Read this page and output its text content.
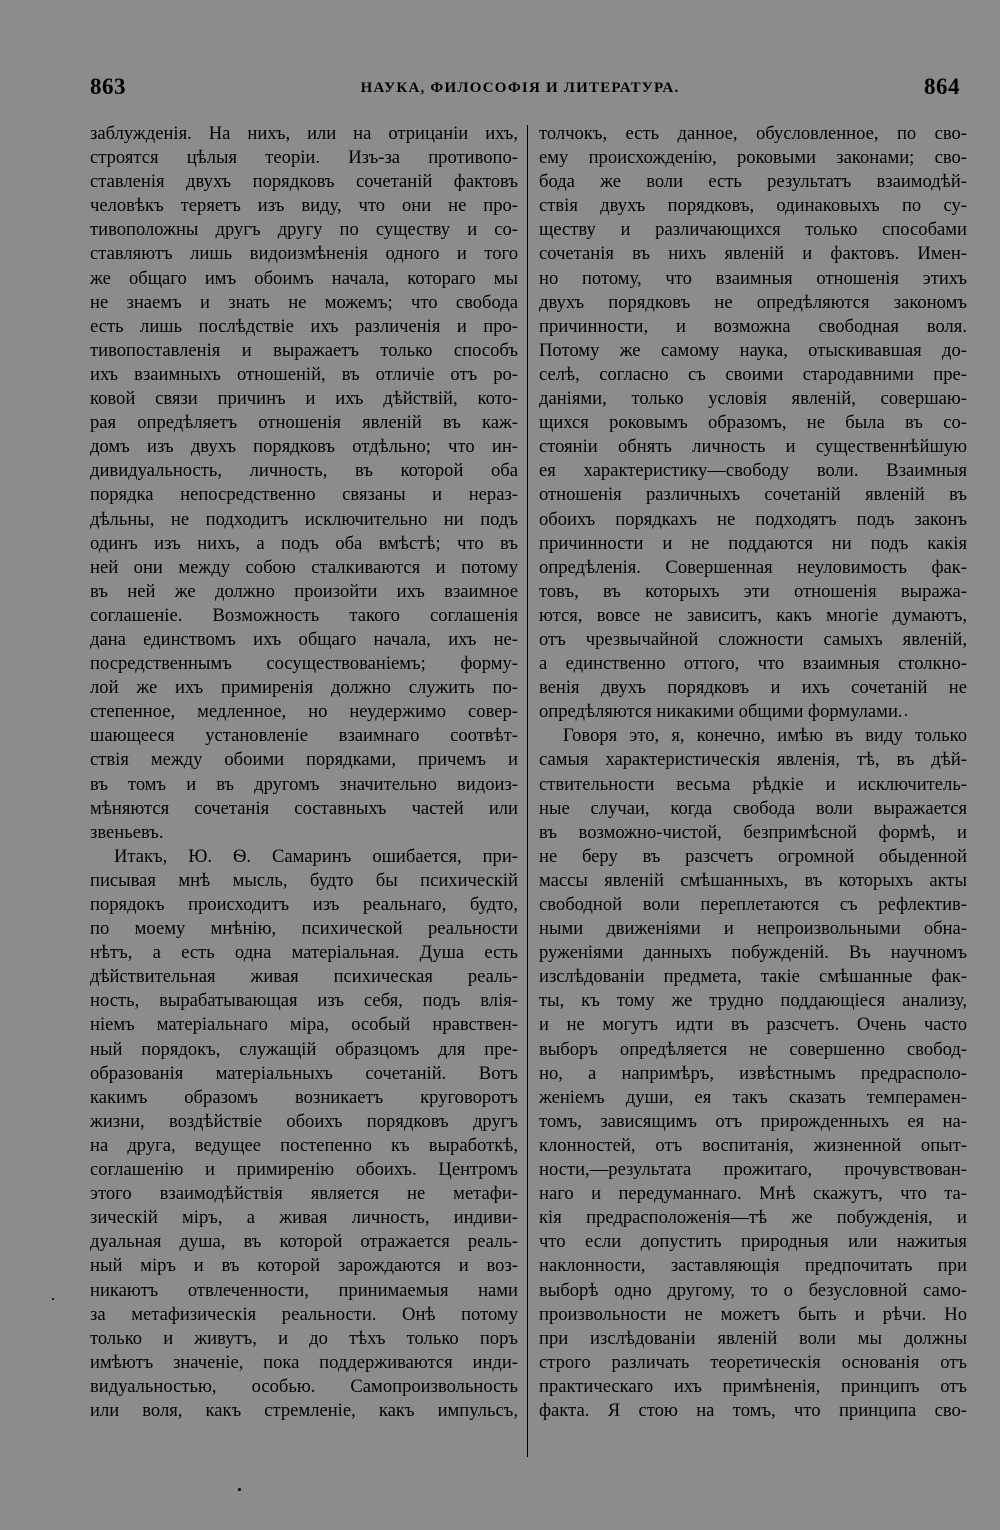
863	НАУКА, ФИЛОСОФІЯ И ЛИТЕРАТУРА.	864
заблужденія. На нихъ, или на отрицаніи ихъ,
строятся цѣлыя теоріи. Изъ-за противопо-
ставленія двухъ порядковъ сочетаній фактовъ
человѣкъ теряетъ изъ виду, что они не про-
тивоположны другъ другу по существу и со-
ставляютъ лишь видоизмѣненія одного и того
же общаго имъ обоимъ начала, котораго мы
не знаемъ и знать не можемъ; что свобода
есть лишь послѣдствіе ихъ различенія и про-
тивопоставленія и выражаетъ только способъ
ихъ взаимныхъ отношеній, въ отличіе отъ ро-
ковой связи причинъ и ихъ дѣйствій, кото-
рая опредѣляетъ отношенія явленій въ каж-
домъ изъ двухъ порядковъ отдѣльно; что ин-
дивидуальность, личность, въ которой оба
порядка непосредственно связаны и нераз-
дѣльны, не подходитъ исключительно ни подъ
одинъ изъ нихъ, а подъ оба вмѣстѣ; что въ
ней они между собою сталкиваются и потому
въ ней же должно произойти ихъ взаимное
соглашеніе. Возможность такого соглашенія
дана единствомъ ихъ общаго начала, ихъ не-
посредственнымъ сосуществованіемъ; форму-
лой же ихъ примиренія должно служить по-
степенное, медленное, но неудержимо совер-
шающееся установленіе взаимнаго соотвѣт-
ствія между обоими порядками, причемъ и
въ томъ и въ другомъ значительно видоиз-
мѣняются сочетанія составныхъ частей или
звеньевъ.
Итакъ, Ю. Ѳ. Самаринъ ошибается, при-
писывая мнѣ мысль, будто бы психическій
порядокъ происходитъ изъ реальнаго, будто,
по моему мнѣнію, психической реальности
нѣтъ, а есть одна матеріальная. Душа есть
дѣйствительная живая психическая реаль-
ность, вырабатывающая изъ себя, подъ влія-
ніемъ матеріальнаго міра, особый нравствен-
ный порядокъ, служащій образцомъ для пре-
образованія матеріальныхъ сочетаній. Вотъ
какимъ образомъ возникаетъ круговоротъ
жизни, воздѣйствіе обоихъ порядковъ другъ
на друга, ведущее постепенно къ выработкѣ,
соглашенію и примиренію обоихъ. Центромъ
этого взаимодѣйствія является не метафи-
зическій міръ, а живая личность, индиви-
дуальная душа, въ которой отражается реаль-
ный міръ и въ которой зарождаются и воз-
никаютъ отвлеченности, принимаемыя нами
за метафизическія реальности. Онѣ потому
только и живутъ, и до тѣхъ только поръ
имѣютъ значеніе, пока поддерживаются инди-
видуальностью, особью. Самопроизвольность
или воля, какъ стремленіе, какъ импульсъ,
толчокъ, есть данное, обусловленное, по сво-
ему происхожденію, роковыми законами; сво-
бода же воли есть результатъ взаимодѣй-
ствія двухъ порядковъ, одинаковыхъ по су-
ществу и различающихся только способами
сочетанія въ нихъ явленій и фактовъ. Имен-
но потому, что взаимныя отношенія этихъ
двухъ порядковъ не опредѣляются закономъ
причинности, и возможна свободная воля.
Потому же самому наука, отыскивавшая до-
селѣ, согласно съ своими стародавними пре-
даніями, только условія явленій, совершаю-
щихся роковымъ образомъ, не была въ со-
стояніи обнять личность и существеннѣйшую
ея характеристику—свободу воли. Взаимныя
отношенія различныхъ сочетаній явленій въ
обоихъ порядкахъ не подходятъ подъ законъ
причинности и не поддаются ни подъ какія
опредѣленія. Совершенная неуловимость фак-
товъ, въ которыхъ эти отношенія выража-
ются, вовсе не зависитъ, какъ многіе думаютъ,
отъ чрезвычайной сложности самыхъ явленій,
а единственно оттого, что взаимныя столкно-
венія двухъ порядковъ и ихъ сочетаній не
опредѣляются никакими общими формулами.
Говоря это, я, конечно, имѣю въ виду только
самыя характеристическія явленія, тѣ, въ дѣй-
ствительности весьма рѣдкіе и исключитель-
ные случаи, когда свобода воли выражается
въ возможно-чистой, безпримѣсной формѣ, и
не беру въ разсчетъ огромной обыденной
массы явленій смѣшанныхъ, въ которыхъ акты
свободной воли переплетаются съ рефлектив-
ными движеніями и непроизвольными обна-
руженіями данныхъ побужденій. Въ научномъ
изслѣдованіи предмета, такіе смѣшанные фак-
ты, къ тому же трудно поддающіеся анализу,
и не могутъ идти въ разсчетъ. Очень часто
выборъ опредѣляется не совершенно свобод-
но, а напримѣръ, извѣстнымъ предрасполо-
женіемъ души, ея такъ сказать темперамен-
томъ, зависящимъ отъ прирожденныхъ ея на-
клонностей, отъ воспитанія, жизненной опыт-
ности,—результата прожитаго, прочувствован-
наго и передуманнаго. Мнѣ скажутъ, что та-
кія предрасположенія—тѣ же побужденія, и
что если допустить природныя или нажитыя
наклонности, заставляющія предпочитать при
выборѣ одно другому, то о безусловной само-
произвольности не можетъ быть и рѣчи. Но
при изслѣдованіи явленій воли мы должны
строго различать теоретическія основанія отъ
практическаго ихъ примѣненія, принципъ отъ
факта. Я стою на томъ, что принципа сво-
